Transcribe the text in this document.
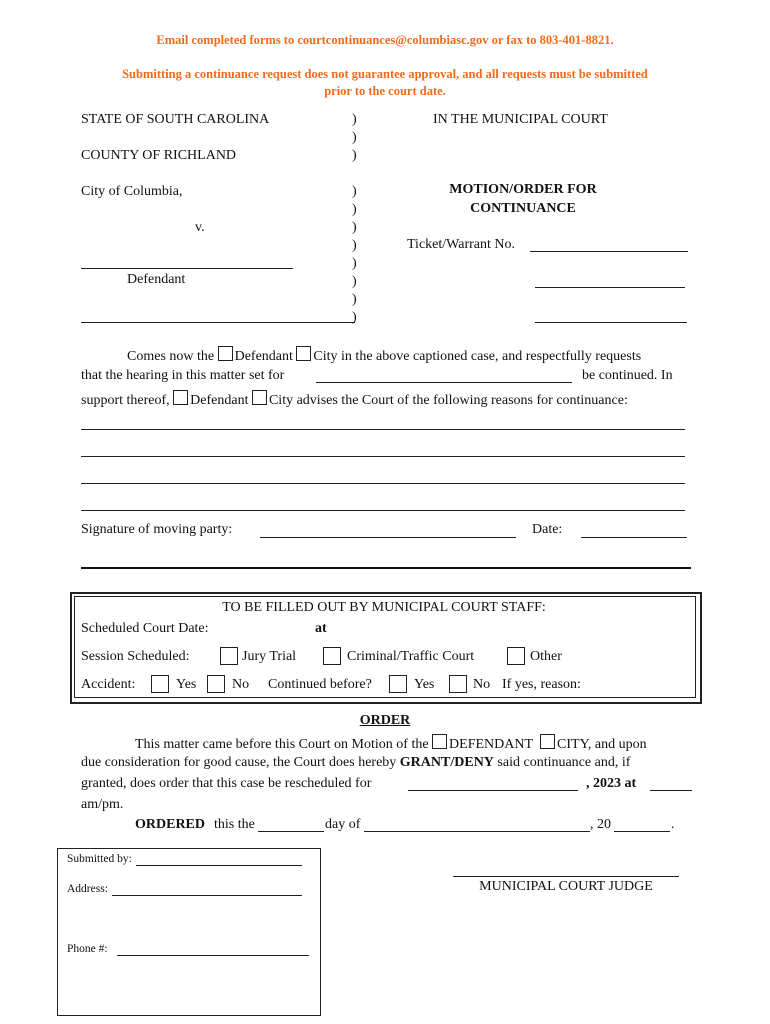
Email completed forms to courtcontinuances@columbiasc.gov or fax to 803-401-8821.
Submitting a continuance request does not guarantee approval, and all requests must be submitted
prior to the court date.
STATE OF SOUTH CAROLINA
COUNTY OF RICHLAND
IN THE MUNICIPAL COURT
City of Columbia,
v.
Defendant
)
)
)
)
)
)
)
)
)
)
)
MOTION/ORDER FOR
CONTINUANCE
Ticket/Warrant No.
Comes now the Defendant City in the above captioned case, and respectfully requests
that the hearing in this matter set for	be continued. In
support thereof, Defendant City advises the Court of the following reasons for continuance:
Signature of moving party:	Date:
TO BE FILLED OUT BY MUNICIPAL COURT STAFF:
Scheduled Court Date:	at
Session Scheduled:	Jury Trial	Criminal/Traffic Court	Other
Accident:	Yes	No Continued before?	Yes	No If yes, reason:
ORDER
This matter came before this Court on Motion of the DEFENDANT CITY, and upon
due consideration for good cause, the Court does hereby GRANT/DENY said continuance and, if
granted, does order that this case be rescheduled for	, 2023 at
am/pm.
ORDERED this the	day of	, 20	.
MUNICIPAL COURT JUDGE
Submitted by:
Address:
Phone #:
